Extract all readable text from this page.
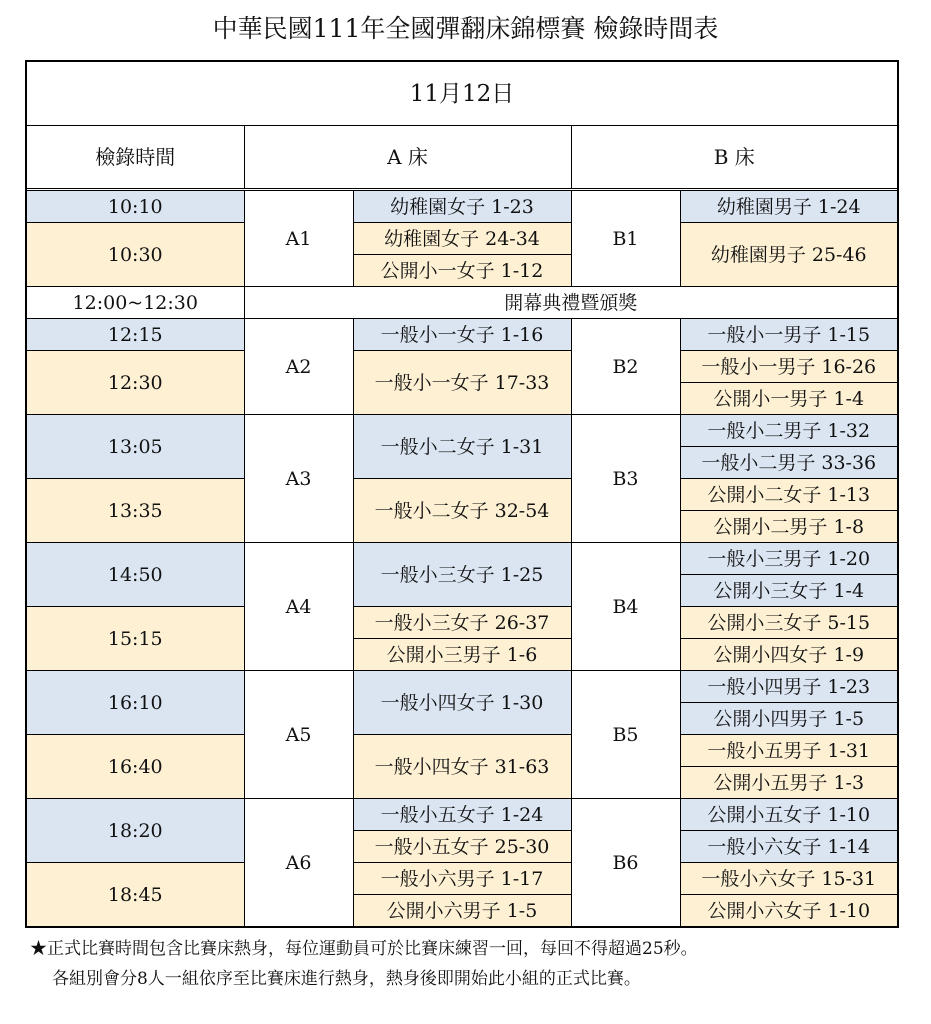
中華民國111年全國彈翻床錦標賽 檢錄時間表
11月12日				
檢錄時間	A 床		B 床	

10:10	A1	幼稚園女子 1-23	B1	幼稚園男子 1-24
10:30		幼稚園女子 24-34		幼稚園男子 25-46
		公開小一女子 1-12		
12:00~12:30	開幕典禮暨頒獎			
12:15	A2	一般小一女子 1-16	B2	一般小一男子 1-15
12:30		一般小一女子 17-33		一般小一男子 16-26
				公開小一男子 1-4
13:05	A3	一般小二女子 1-31	B3	一般小二男子 1-32
				一般小二男子 33-36
13:35		一般小二女子 32-54		公開小二女子 1-13
				公開小二男子 1-8
14:50	A4	一般小三女子 1-25	B4	一般小三男子 1-20
				公開小三女子 1-4
15:15		一般小三女子 26-37		公開小三女子 5-15
		公開小三男子 1-6		公開小四女子 1-9
16:10	A5	一般小四女子 1-30	B5	一般小四男子 1-23
				公開小四男子 1-5
16:40		一般小四女子 31-63		一般小五男子 1-31
				公開小五男子 1-3
18:20	A6	一般小五女子 1-24	B6	公開小五女子 1-10
		一般小五女子 25-30		一般小六女子 1-14
18:45		一般小六男子 1-17		一般小六女子 15-31
		公開小六男子 1-5		公開小六女子 1-10
★正式比賽時間包含比賽床熱身，每位運動員可於比賽床練習一回，每回不得超過25秒。
各組別會分8人一組依序至比賽床進行熱身，熱身後即開始此小組的正式比賽。
